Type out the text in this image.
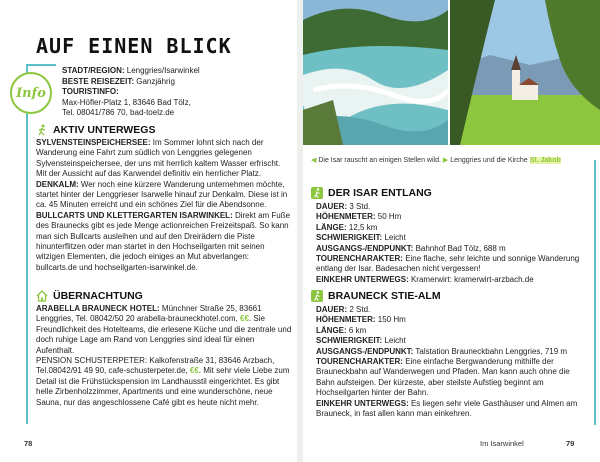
AUF EINEN BLICK
Info
STADT/REGION: Lenggries/Isarwinkel
BESTE REISEZEIT: Ganzjährig
TOURISTINFO:
Max-Höfler-Platz 1, 83646 Bad Tölz,
Tel. 08041/786 70, bad-toelz.de
AKTIV UNTERWEGS
SYLVENSTEINSPEICHERSEE: Im Sommer lohnt sich nach der Wanderung eine Fahrt zum südlich von Lenggries gelegenen Sylvensteinspeichersee, der uns mit herrlich kaltem Wasser erfrischt. Mit der Aussicht auf das Karwendel definitiv ein herrlicher Platz.
DENKALM: Wer noch eine kürzere Wanderung unternehmen möchte, startet hinter der Lenggrieser Isarwelle hinauf zur Denkalm. Diese ist in ca. 45 Minuten erreicht und ein schönes Ziel für die Abendsonne.
BULLCARTS UND KLETTERGARTEN ISARWINKEL: Direkt am Fuße des Braunecks gibt es jede Menge actionreichen Freizeitspaß. So kann man sich Bullcarts ausleihen und auf den Dreirädern die Piste hinunterflitzen oder man startet in den Hochseilgarten mit seinen witzigen Elementen, die jedoch einiges an Mut abverlangen: bullcarts.de und hochseilgarten-isarwinkel.de.
ÜBERNACHTUNG
ARABELLA BRAUNECK HOTEL: Münchner Straße 25, 83661 Lenggries, Tel. 08042/50 20 arabella-brauneckhotel.com, €€. Sie Freundlichkeit des Hotelteams, die erlesene Küche und die zentrale und doch ruhige Lage am Rand von Lenggries sind ideal für einen Aufenthalt.
PENSION SCHUSTERPETER: Kalkofenstraße 31, 83646 Arzbach, Tel.08042/91 49 90, cafe-schusterpeter.de, €€. Mit sehr viele Liebe zum Detail ist die Frühstückspension im Landhausstil eingerichtet. Es gibt helle Zirbenholzzimmer, Apartments und eine wunderschöne, neue Sauna, nur das angeschlossene Café gibt es heute nicht mehr.
78
◀ Die Isar rauscht an einigen Stellen wild. ▶ Lenggries und die Kirche St. Jakob
DER ISAR ENTLANG
DAUER: 3 Std.
HÖHENMETER: 50 Hm
LÄNGE: 12,5 km
SCHWIERIGKEIT: Leicht
AUSGANGS-/ENDPUNKT: Bahnhof Bad Tölz, 688 m
TOURENCHARAKTER: Eine flache, sehr leichte und sonnige Wanderung entlang der Isar. Badesachen nicht vergessen!
EINKEHR UNTERWEGS: Kramerwirt: kramerwirt-arzbach.de
BRAUNECK STIE-ALM
DAUER: 2 Std.
HÖHENMETER: 150 Hm
LÄNGE: 6 km
SCHWIERIGKEIT: Leicht
AUSGANGS-/ENDPUNKT: Talstation Brauneckbahn Lenggries, 719 m
TOURENCHARAKTER: Eine einfache Bergwanderung mithilfe der Brauneckbahn auf Wanderwegen und Pfaden. Man kann auch ohne die Bahn aufsteigen. Der kürzeste, aber steilste Aufstieg beginnt am Hochseilgarten hinter der Bahn.
EINKEHR UNTERWEGS: Es liegen sehr viele Gasthäuser und Almen am Brauneck, in fast allen kann man einkehren.
Im Isarwinkel	79
